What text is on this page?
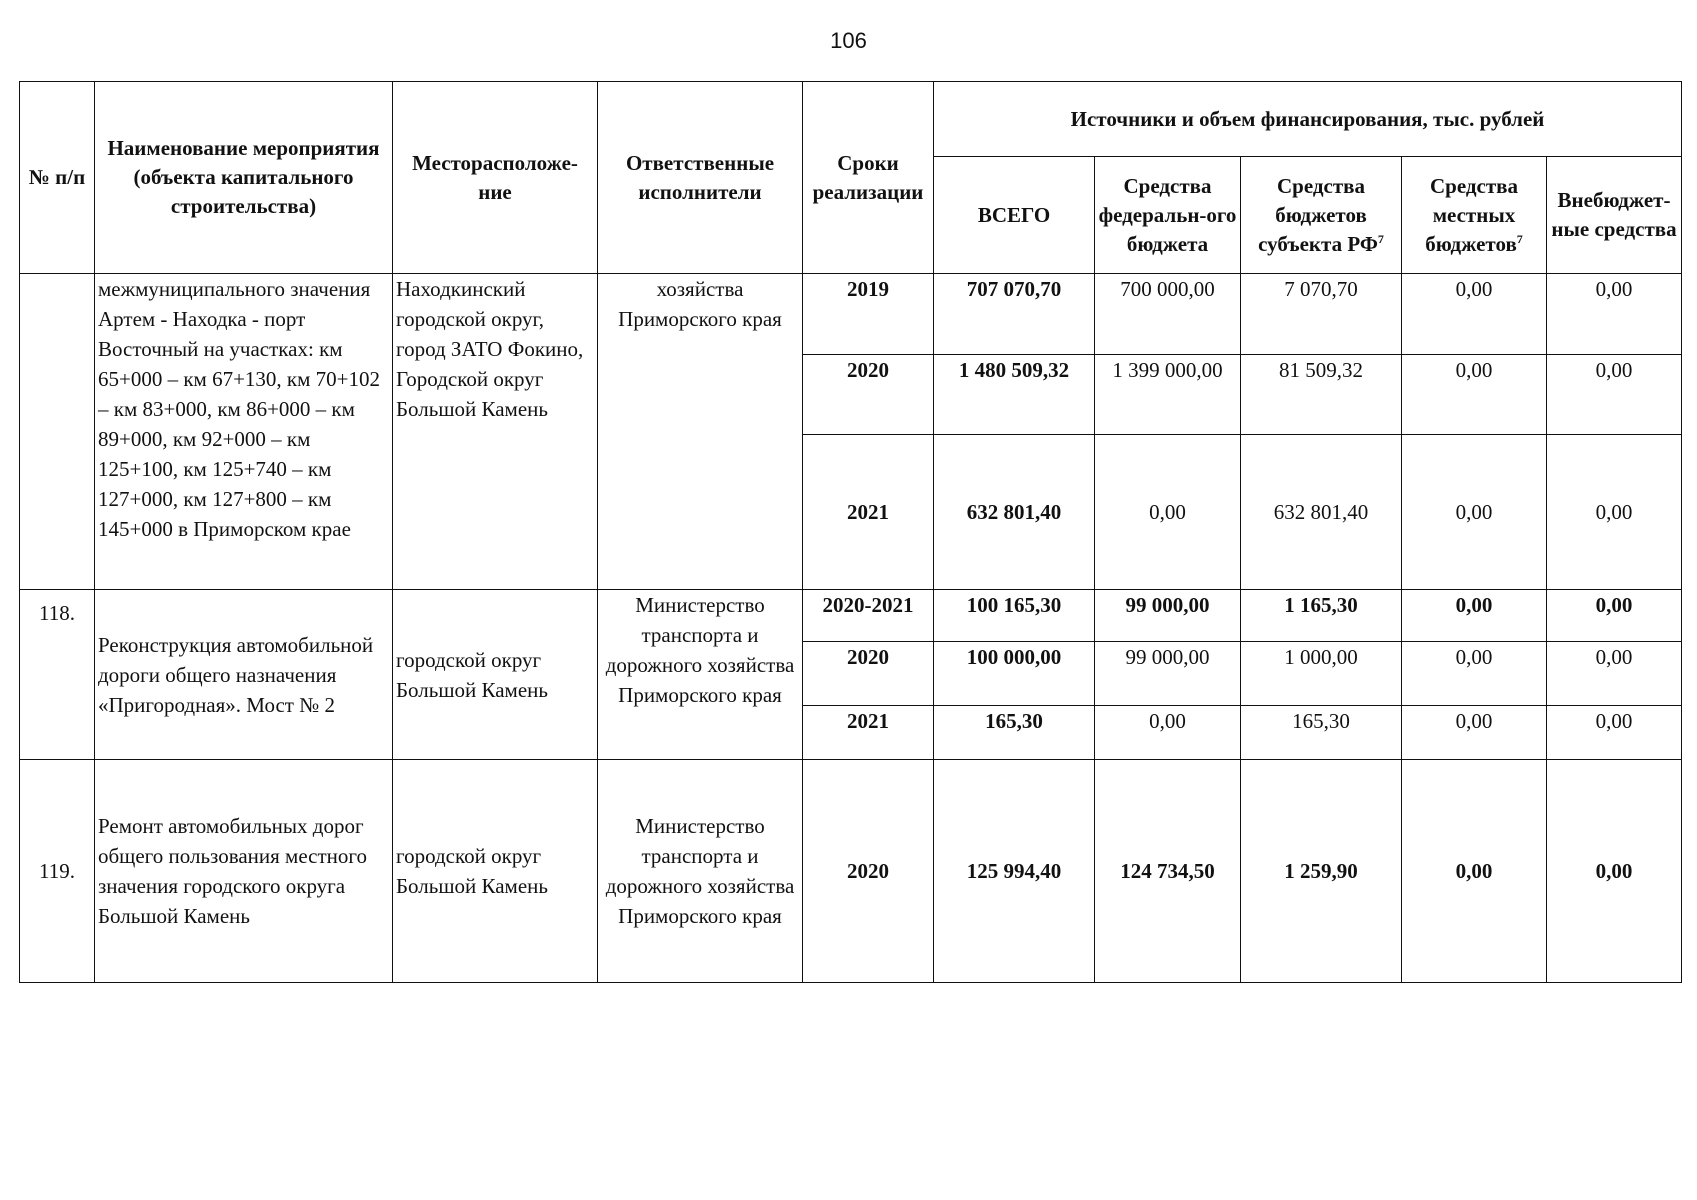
106
№ п/п	Наименование мероприятия (объекта капитального строительства)	Месторасположе-ние	Ответственные исполнители	Сроки реализации	Источники и объем финансирования, тыс. рублей				
					ВСЕГО	Средства федеральн-ого бюджета	Средства бюджетов субъекта $РФ^7$	Средства местных бюджетов$^7$	Внебюджет-ные средства
	межмуниципального значения Артем - Находка - порт Восточный на участках: км 65+000 – км 67+130, км 70+102 – км 83+000, км 86+000 – км 89+000, км 92+000 – км 125+100, км 125+740 – км 127+000, км 127+800 – км 145+000 в Приморском крае	Находкинский городской округ, город ЗАТО Фокино, Городской округ Большой Камень	хозяйства Приморского края	2019	707 070,70	700 000,00	7 070,70	0,00	0,00
				2020	1 480 509,32	1 399 000,00	81 509,32	0,00	0,00
				2021	632 801,40	0,00	632 801,40	0,00	0,00
118.	Реконструкция автомобильной дороги общего назначения «Пригородная». Мост № 2	городской округ Большой Камень	Министерство транспорта и дорожного хозяйства Приморского края	2020-2021	100 165,30	99 000,00	1 165,30	0,00	0,00
				2020	100 000,00	99 000,00	1 000,00	0,00	0,00
				2021	165,30	0,00	165,30	0,00	0,00
119.	Ремонт автомобильных дорог общего пользования местного значения городского округа Большой Камень	городской округ Большой Камень	Министерство транспорта и дорожного хозяйства Приморского края	2020	125 994,40	124 734,50	1 259,90	0,00	0,00
